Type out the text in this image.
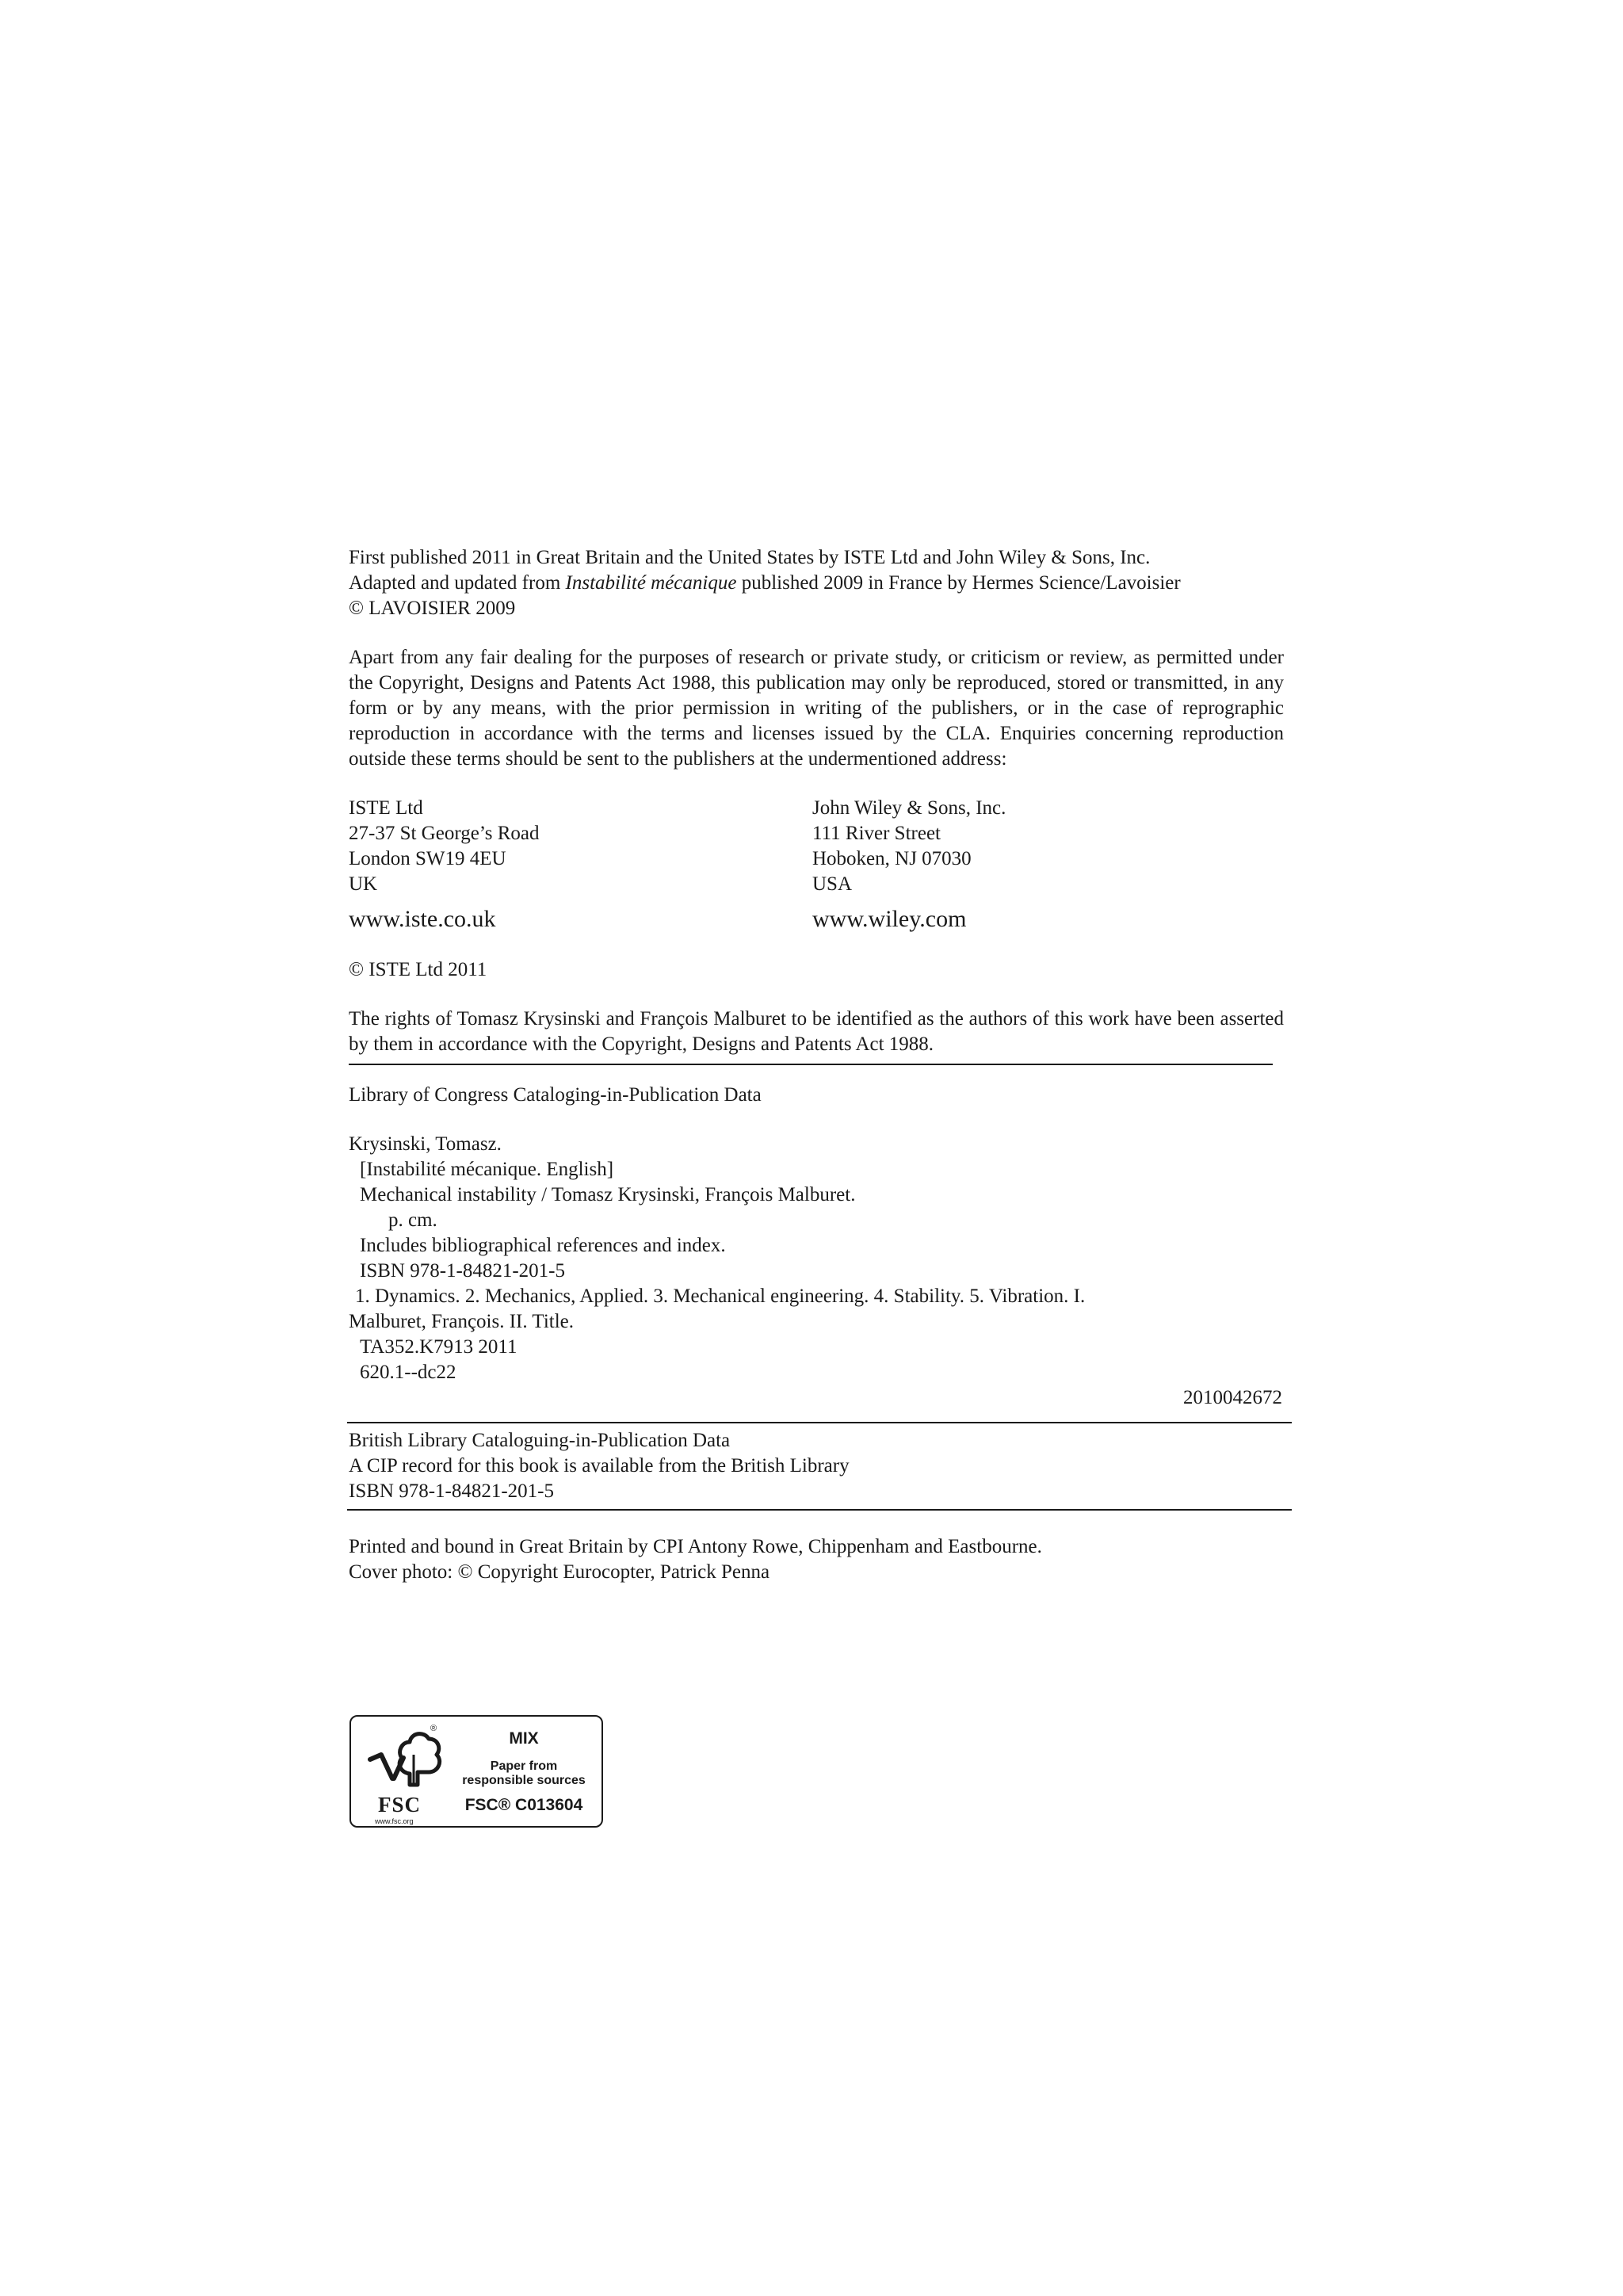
First published 2011 in Great Britain and the United States by ISTE Ltd and John Wiley & Sons, Inc.

Adapted and updated from Instabilité mécanique published 2009 in France by Hermes Science/Lavoisier

© LAVOISIER 2009

Apart from any fair dealing for the purposes of research or private study, or criticism or review, as permitted under the Copyright, Designs and Patents Act 1988, this publication may only be reproduced, stored or transmitted, in any form or by any means, with the prior permission in writing of the publishers, or in the case of reprographic reproduction in accordance with the terms and licenses issued by the CLA. Enquiries concerning reproduction outside these terms should be sent to the publishers at the undermentioned address:

ISTE Ltd

27-37 St George’s Road

London SW19 4EU

UK

www.iste.co.uk

John Wiley & Sons, Inc.

111 River Street

Hoboken, NJ 07030

USA

www.wiley.com

© ISTE Ltd 2011

The rights of Tomasz Krysinski and François Malburet to be identified as the authors of this work have been asserted by them in accordance with the Copyright, Designs and Patents Act 1988.

Library of Congress Cataloging-in-Publication Data

Krysinski, Tomasz.

[Instabilité mécanique. English]

Mechanical instability / Tomasz Krysinski, François Malburet.

p. cm.

Includes bibliographical references and index.

ISBN 978-1-84821-201-5

1. Dynamics. 2. Mechanics, Applied. 3. Mechanical engineering. 4. Stability. 5. Vibration. I.

Malburet, François. II. Title.

TA352.K7913 2011

620.1--dc22

2010042672

British Library Cataloguing-in-Publication Data

A CIP record for this book is available from the British Library

ISBN 978-1-84821-201-5

Printed and bound in Great Britain by CPI Antony Rowe, Chippenham and Eastbourne.

Cover photo: © Copyright Eurocopter, Patrick Penna

®
FSC
www.fsc.org
MIX
Paper from
responsible sources
FSC® C013604
